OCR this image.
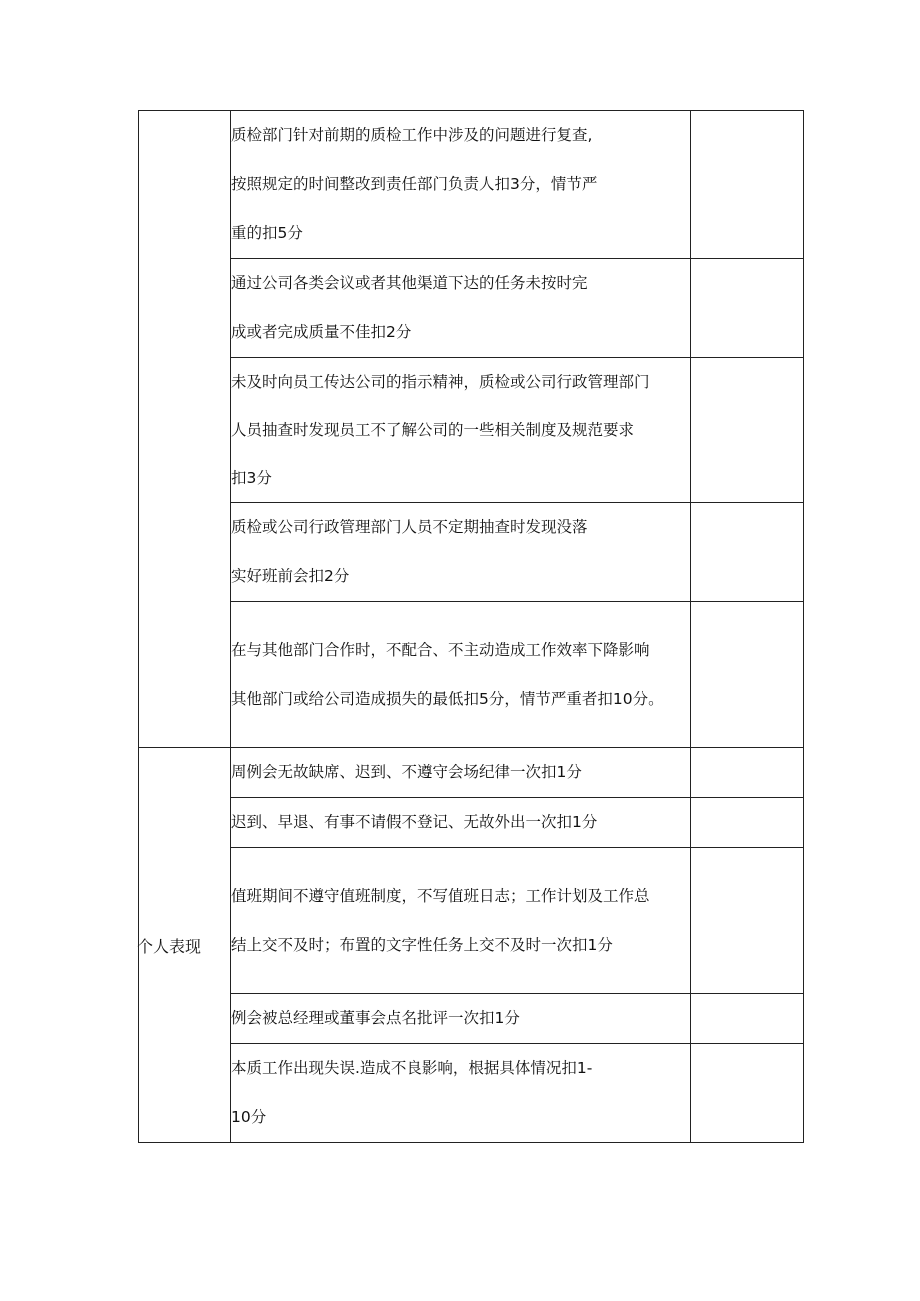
	质检部门针对前期的质检工作中涉及的问题进行复查,
按照规定的时间整改到责任部门负责人扣3分，情节严
重的扣5分	

	通过公司各类会议或者其他渠道下达的任务未按时完
成或者完成质量不佳扣2分	

	未及时向员工传达公司的指示精神，质检或公司行政管理部门
人员抽查时发现员工不了解公司的一些相关制度及规范要求
扣3分	

	质检或公司行政管理部门人员不定期抽查时发现没落
实好班前会扣2分	

	在与其他部门合作时，不配合、不主动造成工作效率下降影响
其他部门或给公司造成损失的最低扣5分，情节严重者扣10分。	

个人表现	周例会无故缺席、迟到、不遵守会场纪律一次扣1分	

	迟到、早退、有事不请假不登记、无故外出一次扣1分	

	值班期间不遵守值班制度，不写值班日志；工作计划及工作总
结上交不及时；布置的文字性任务上交不及时一次扣1分	

	例会被总经理或董事会点名批评一次扣1分	

	本质工作出现失误.造成不良影响，根据具体情况扣1-
10分	
